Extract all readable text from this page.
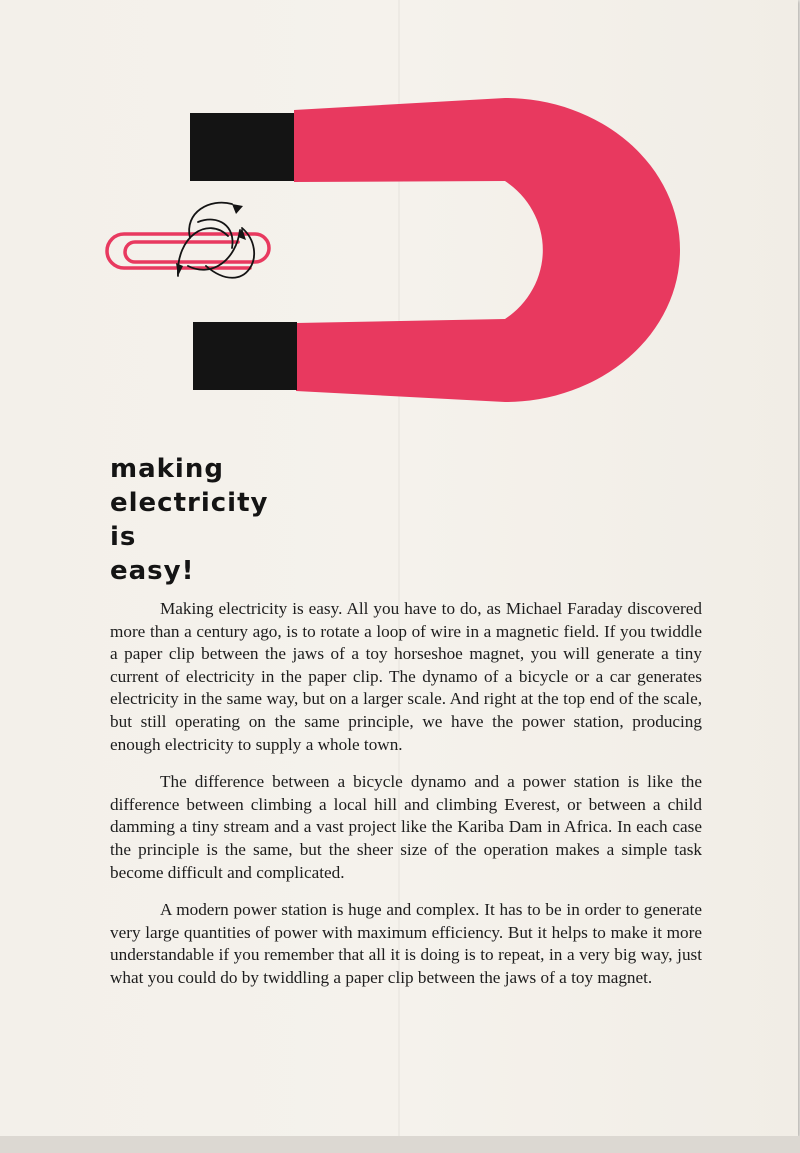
making
electricity
is
easy!

Making electricity is easy. All you have to do, as Michael Faraday discovered more than a century ago, is to rotate a loop of wire in a magnetic field. If you twiddle a paper clip between the jaws of a toy horseshoe magnet, you will generate a tiny current of electricity in the paper clip. The dynamo of a bicycle or a car generates electricity in the same way, but on a larger scale. And right at the top end of the scale, but still operating on the same principle, we have the power station, producing enough electricity to supply a whole town.

The difference between a bicycle dynamo and a power station is like the difference between climbing a local hill and climbing Everest, or between a child damming a tiny stream and a vast project like the Kariba Dam in Africa. In each case the principle is the same, but the sheer size of the operation makes a simple task become difficult and complicated.

A modern power station is huge and complex. It has to be in order to generate very large quantities of power with maximum efficiency. But it helps to make it more understandable if you remember that all it is doing is to repeat, in a very big way, just what you could do by twiddling a paper clip between the jaws of a toy magnet.
